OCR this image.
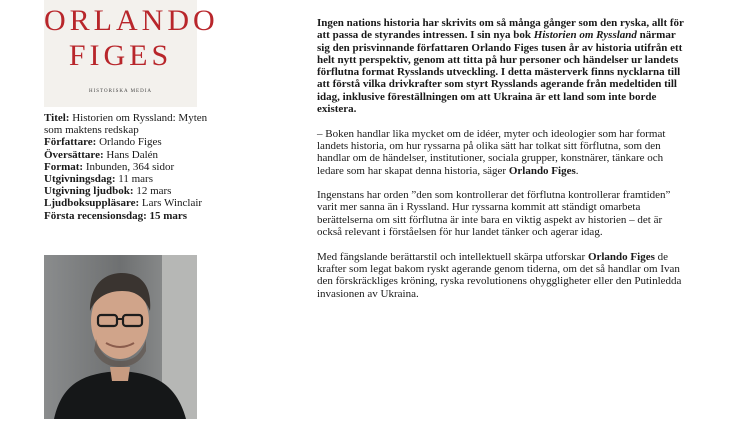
ORLANDO
FIGES
HISTORISKA MEDIA
Titel: Historien om Ryssland: Myten som maktens redskap
Författare: Orlando Figes
Översättare: Hans Dalén
Format: Inbunden, 364 sidor
Utgivningsdag: 11 mars
Utgivning ljudbok: 12 mars
Ljudboksuppläsare: Lars Winclair
Första recensionsdag: 15 mars

Ingen nations historia har skrivits om så många gånger som den ryska, allt för att passa de styrandes intressen. I sin nya bok Historien om Ryssland närmar sig den prisvinnande författaren Orlando Figes tusen år av historia utifrån ett helt nytt perspektiv, genom att titta på hur personer och händelser ur landets förflutna format Rysslands utveckling. I detta mästerverk finns nycklarna till att förstå vilka drivkrafter som styrt Rysslands agerande från medeltiden till idag, inklusive föreställningen om att Ukraina är ett land som inte borde existera.

– Boken handlar lika mycket om de idéer, myter och ideologier som har format landets historia, om hur ryssarna på olika sätt har tolkat sitt förflutna, som den handlar om de händelser, institutioner, sociala grupper, konstnärer, tänkare och ledare som har skapat denna historia, säger Orlando Figes.

Ingenstans har orden ”den som kontrollerar det förflutna kontrollerar framtiden” varit mer sanna än i Ryssland. Hur ryssarna kommit att ständigt omarbeta berättelserna om sitt förflutna är inte bara en viktig aspekt av historien – det är också relevant i förståelsen för hur landet tänker och agerar idag.

Med fängslande berättarstil och intellektuell skärpa utforskar Orlando Figes de krafter som legat bakom ryskt agerande genom tiderna, om det så handlar om Ivan den förskräckliges kröning, ryska revolutionens ohyggligheter eller den Putinledda invasionen av Ukraina.
